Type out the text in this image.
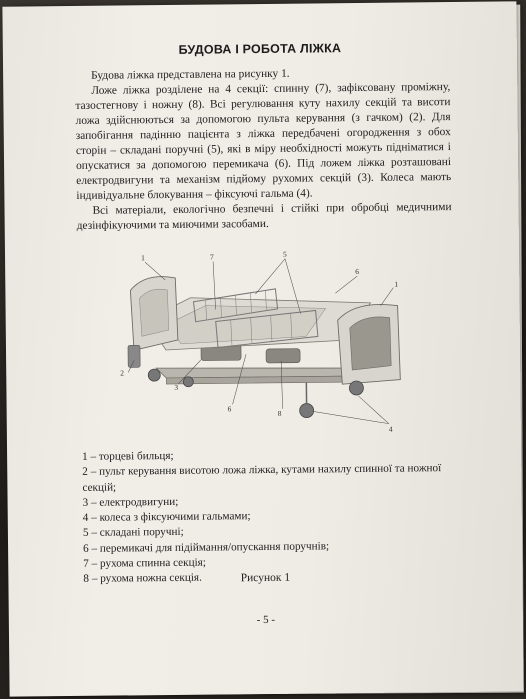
БУДОВА І РОБОТА ЛІЖКА

Будова ліжка представлена на рисунку 1.

Ложе ліжка розділене на 4 секції: спинну (7), зафіксовану проміжну, тазостегнову і ножну (8). Всі регулювання куту нахилу секцій та висоти ложа здійснюються за допомогою пульта керування (з гачком) (2). Для запобігання падінню пацієнта з ліжка передбачені огородження з обох сторін – складані поручні (5), які в міру необхідності можуть підніматися і опускатися за допомогою перемикача (6). Під ложем ліжка розташовані електродвигуни та механізм підйому рухомих секцій (3). Колеса мають індивідуальне блокування – фіксуючі гальма (4).

Всі матеріали, екологічно безпечні і стійкі при обробці медичними дезінфікуючими та миючими засобами.

1	7	5
6
1
2
3
6	8
4
1 – торцеві бильця;
2 – пульт керування висотою ложа ліжка, кутами нахилу спинної та ножної секцій;
3 – електродвигуни;
4 – колеса з фіксуючими гальмами;
5 – складані поручні;
6 – перемикачі для підіймання/опускання поручнів;
7 – рухома спинна секція;
8 – рухома ножна секція.	Рисунок 1
- 5 -
